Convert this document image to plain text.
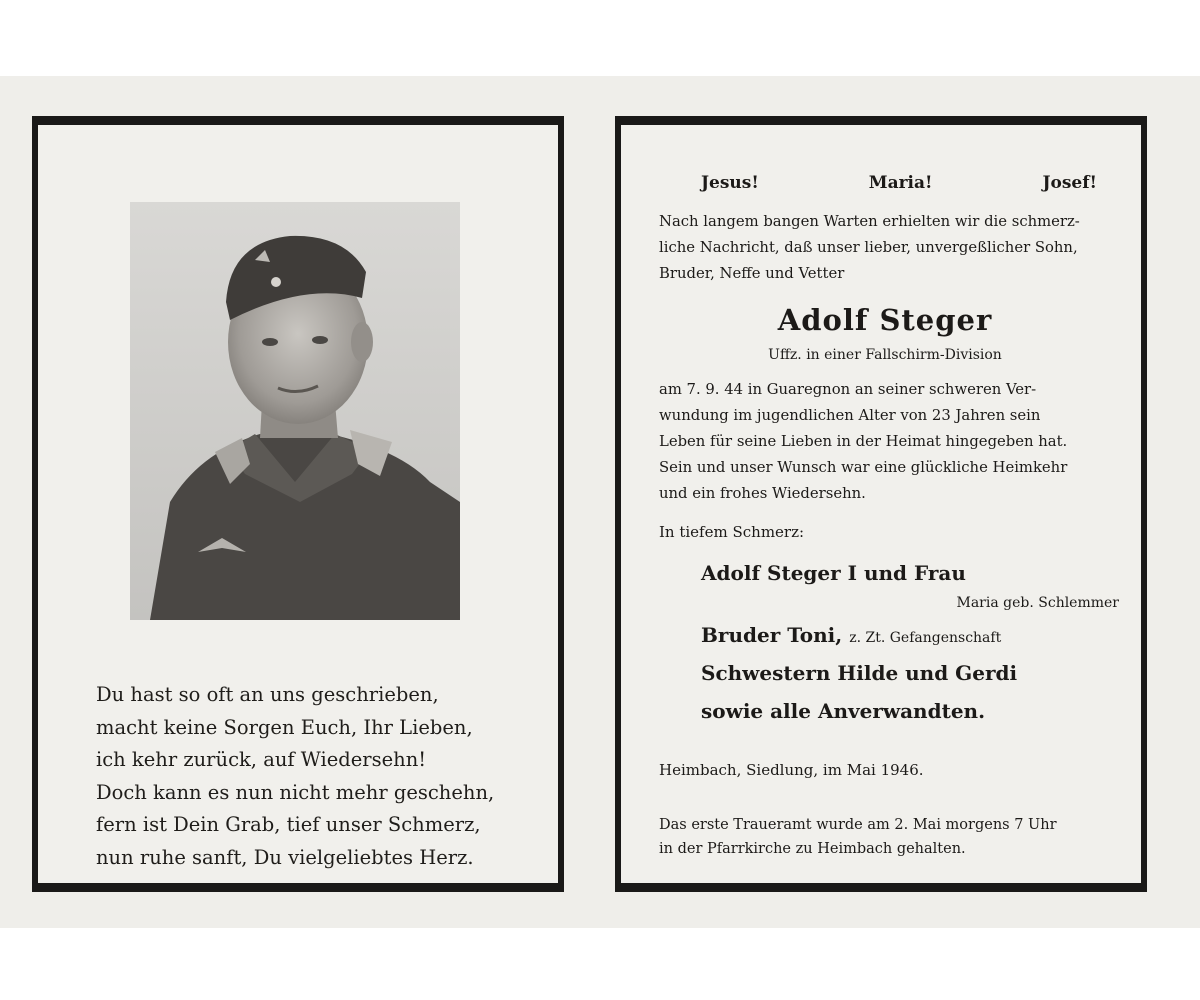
Du hast so oft an uns geschrieben,
macht keine Sorgen Euch, Ihr Lieben,
ich kehr zurück, auf Wiedersehn!
Doch kann es nun nicht mehr geschehn,
fern ist Dein Grab, tief unser Schmerz,
nun ruhe sanft, Du vielgeliebtes Herz.
Jesus!	Maria!	Josef!
Nach langem bangen Warten erhielten wir die schmerz-
liche Nachricht, daß unser lieber, unvergeßlicher Sohn,
Bruder, Neffe und Vetter
Adolf Steger
Uffz. in einer Fallschirm-Division
am 7. 9. 44 in Guaregnon an seiner schweren Ver-
wundung im jugendlichen Alter von 23 Jahren sein
Leben für seine Lieben in der Heimat hingegeben hat.
Sein und unser Wunsch war eine glückliche Heimkehr
und ein frohes Wiedersehn.
In tiefem Schmerz:
Adolf Steger I und Frau
Maria geb. Schlemmer
Bruder Toni, z. Zt. Gefangenschaft
Schwestern Hilde und Gerdi
sowie alle Anverwandten.
Heimbach, Siedlung, im Mai 1946.
Das erste Traueramt wurde am 2. Mai morgens 7 Uhr
in der Pfarrkirche zu Heimbach gehalten.
